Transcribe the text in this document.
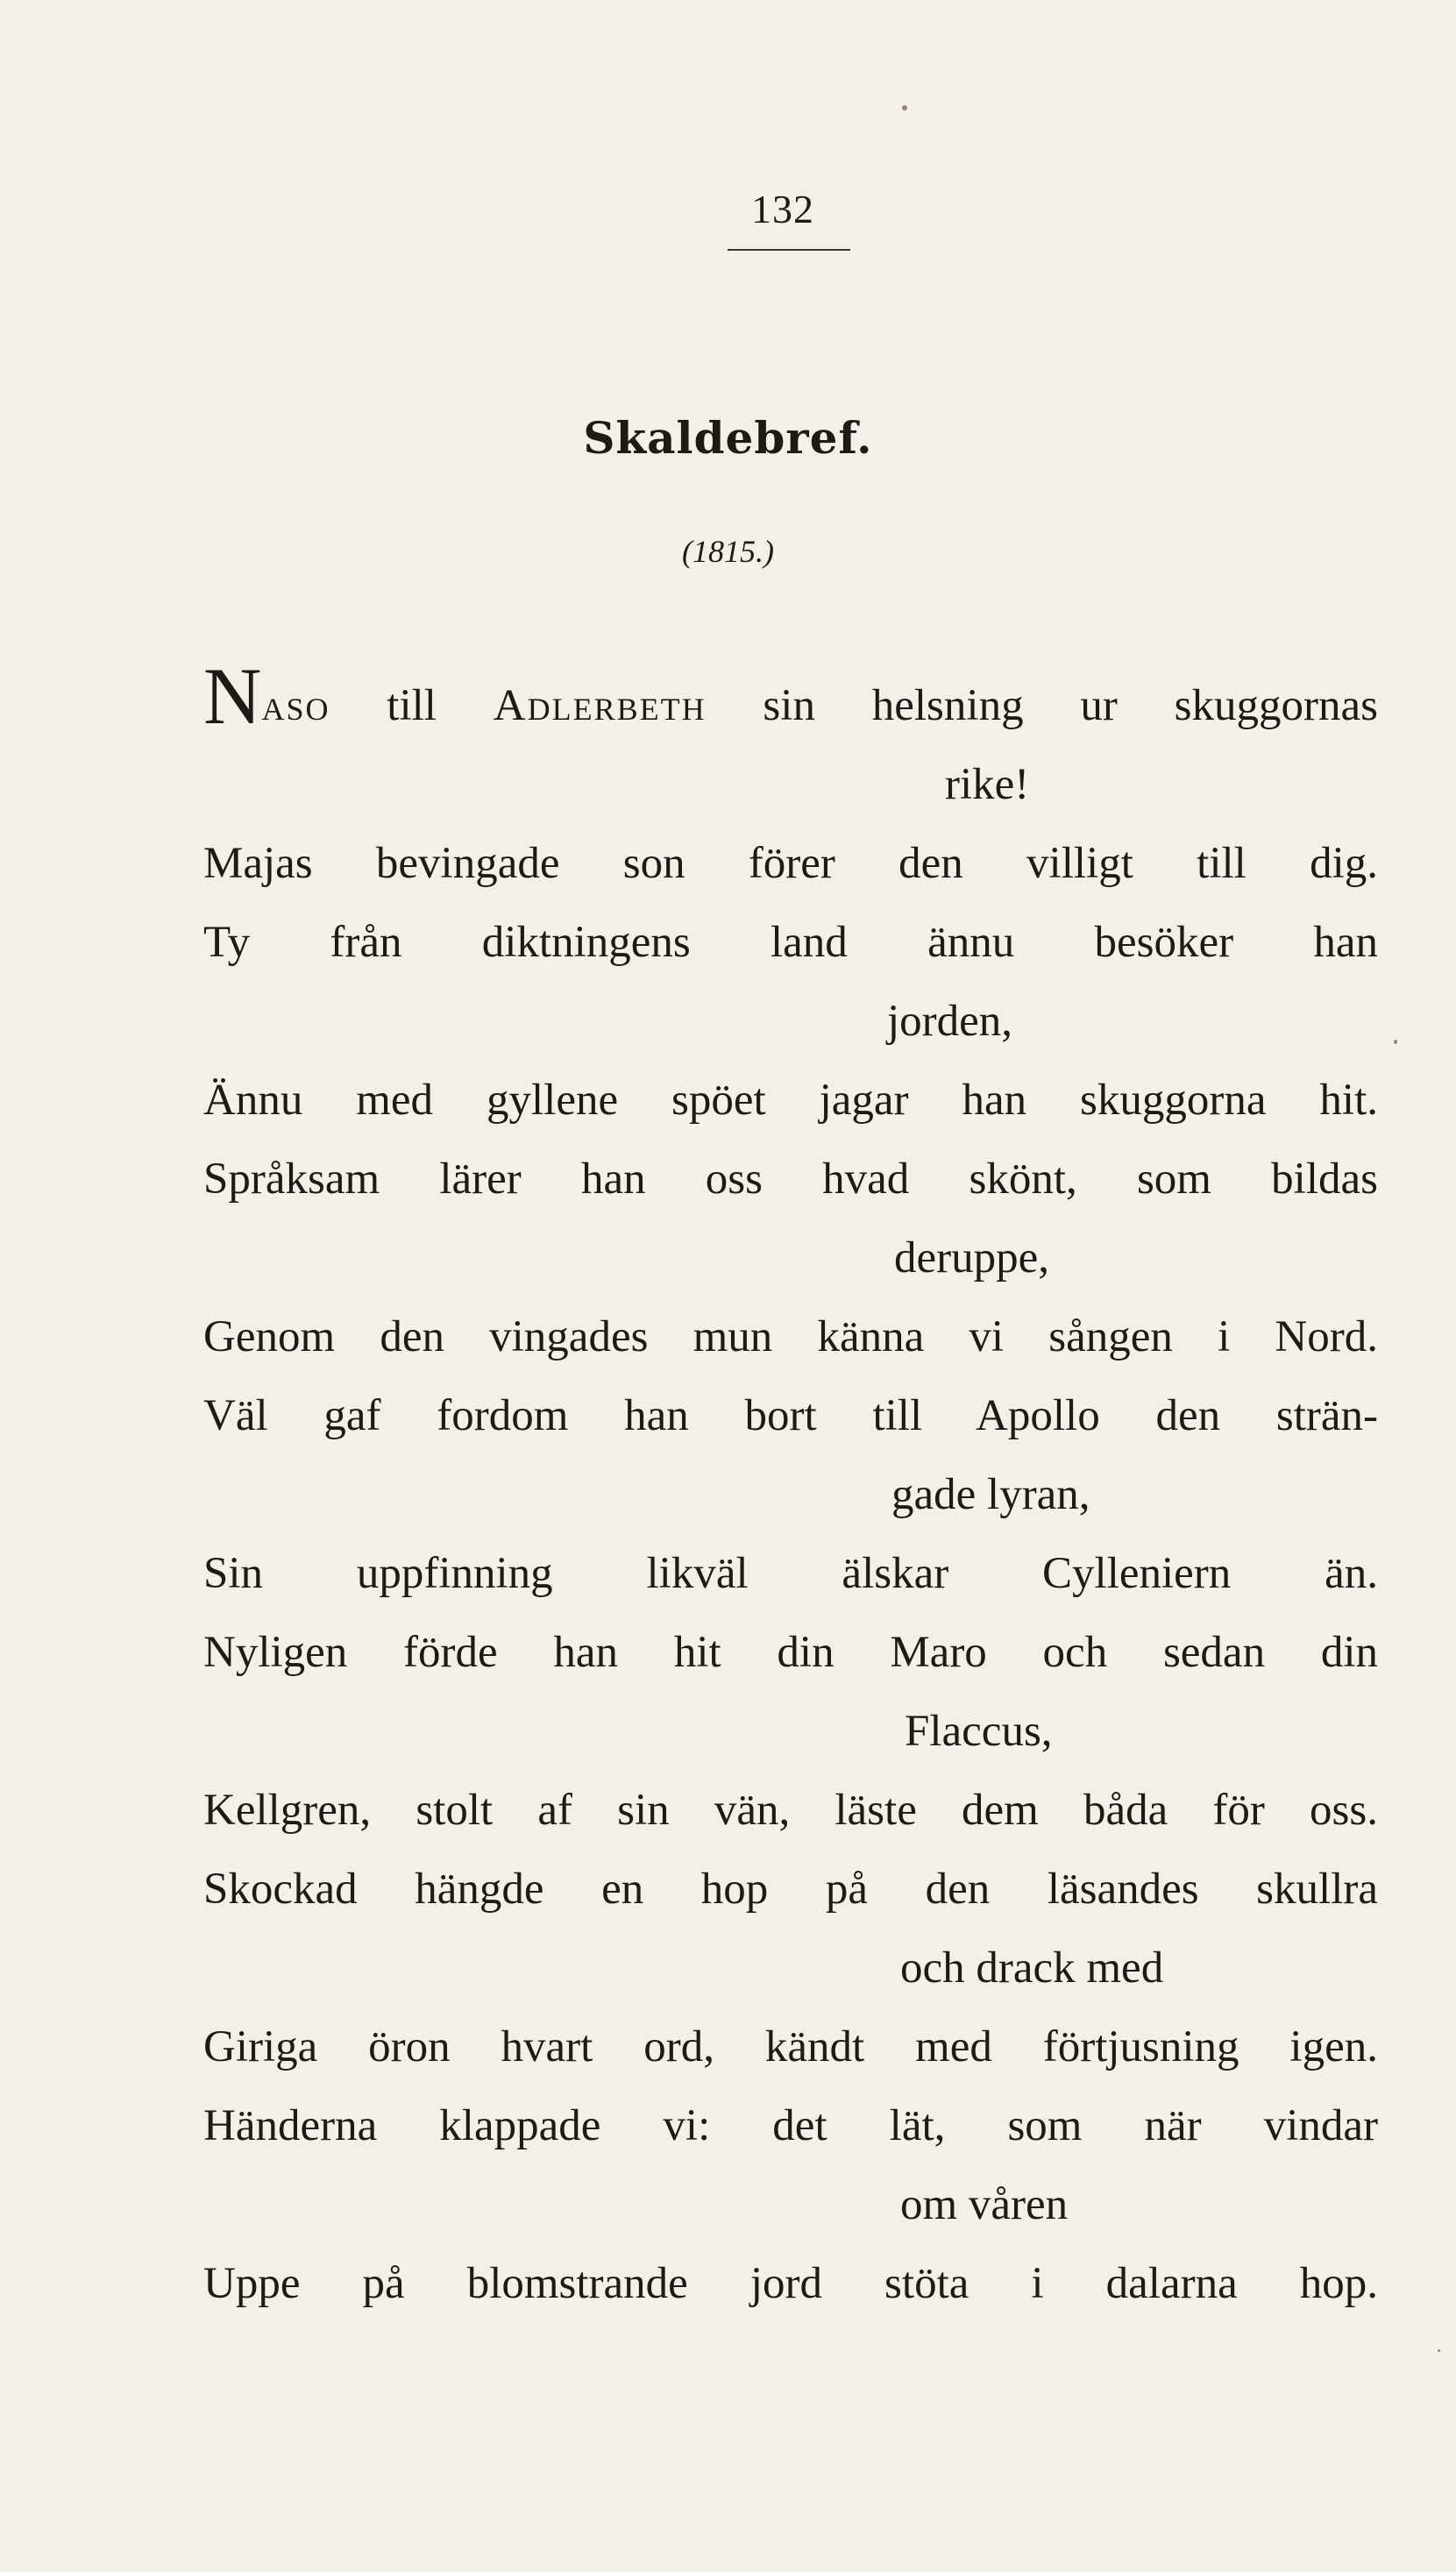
132
Skaldebref.
(1815.)
Naso till Adlerbeth sin helsning ur skuggornas
rike!
Majas bevingade son förer den villigt till dig.
Ty från diktningens land ännu besöker han
jorden,
Ännu med gyllene spöet jagar han skuggorna hit.
Språksam lärer han oss hvad skönt, som bildas
deruppe,
Genom den vingades mun känna vi sången i Nord.
Väl gaf fordom han bort till Apollo den strän-
gade lyran,
Sin uppfinning likväl älskar Cylleniern än.
Nyligen förde han hit din Maro och sedan din
Flaccus,
Kellgren, stolt af sin vän, läste dem båda för oss.
Skockad hängde en hop på den läsandes skullra
och drack med
Giriga öron hvart ord, kändt med förtjusning igen.
Händerna klappade vi: det lät, som när vindar
om våren
Uppe på blomstrande jord stöta i dalarna hop.
